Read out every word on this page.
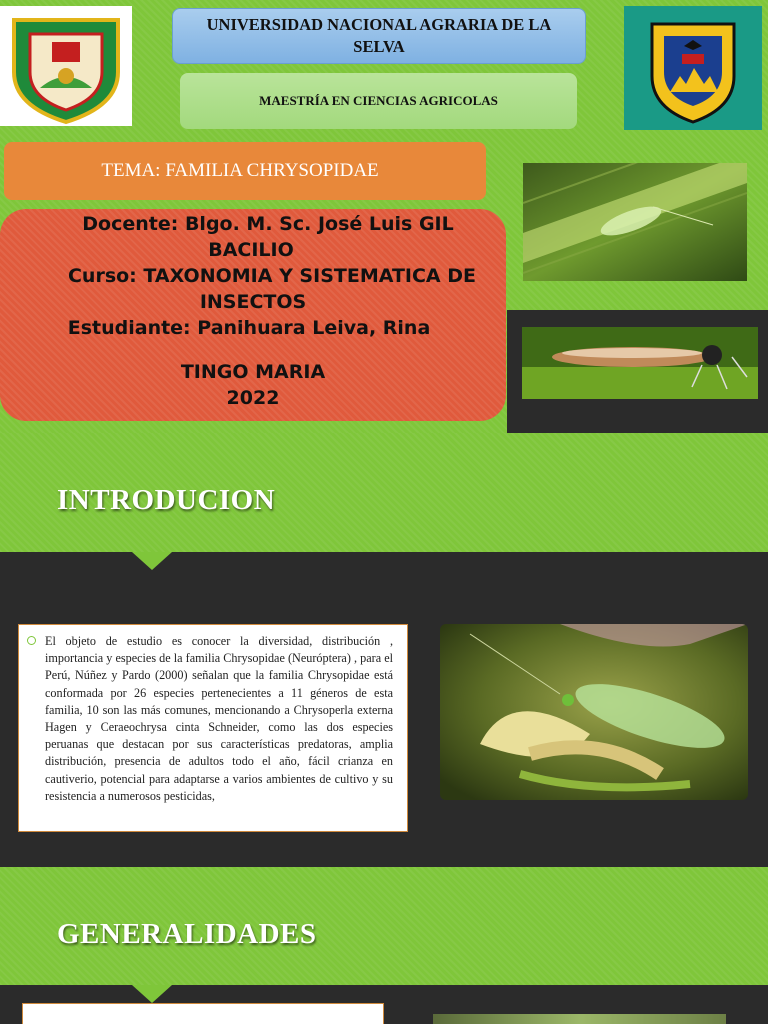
UNIVERSIDAD NACIONAL AGRARIA DE LA SELVA
MAESTRÍA EN CIENCIAS AGRICOLAS
TEMA: FAMILIA CHRYSOPIDAE
Docente: Blgo. M. Sc. José Luis GIL
BACILIO
Curso: TAXONOMIA Y SISTEMATICA DE
INSECTOS
Estudiante: Panihuara Leiva, Rina
TINGO MARIA
2022
INTRODUCION

El objeto de estudio es conocer la diversidad, distribución , importancia y especies de la familia Chrysopidae (Neuróptera) , para el Perú, Núñez y Pardo (2000) señalan que la familia Chrysopidae está conformada por 26 especies pertenecientes a 11 géneros de esta familia, 10 son las más comunes, mencionando a Chrysoperla externa Hagen y Ceraeochrysa cinta Schneider, como las dos especies peruanas que destacan por sus características predatoras, amplia distribución, presencia de adultos todo el año, fácil crianza en cautiverio, potencial para adaptarse a varios ambientes de cultivo y su resistencia a numerosos pesticidas,

GENERALIDADES
